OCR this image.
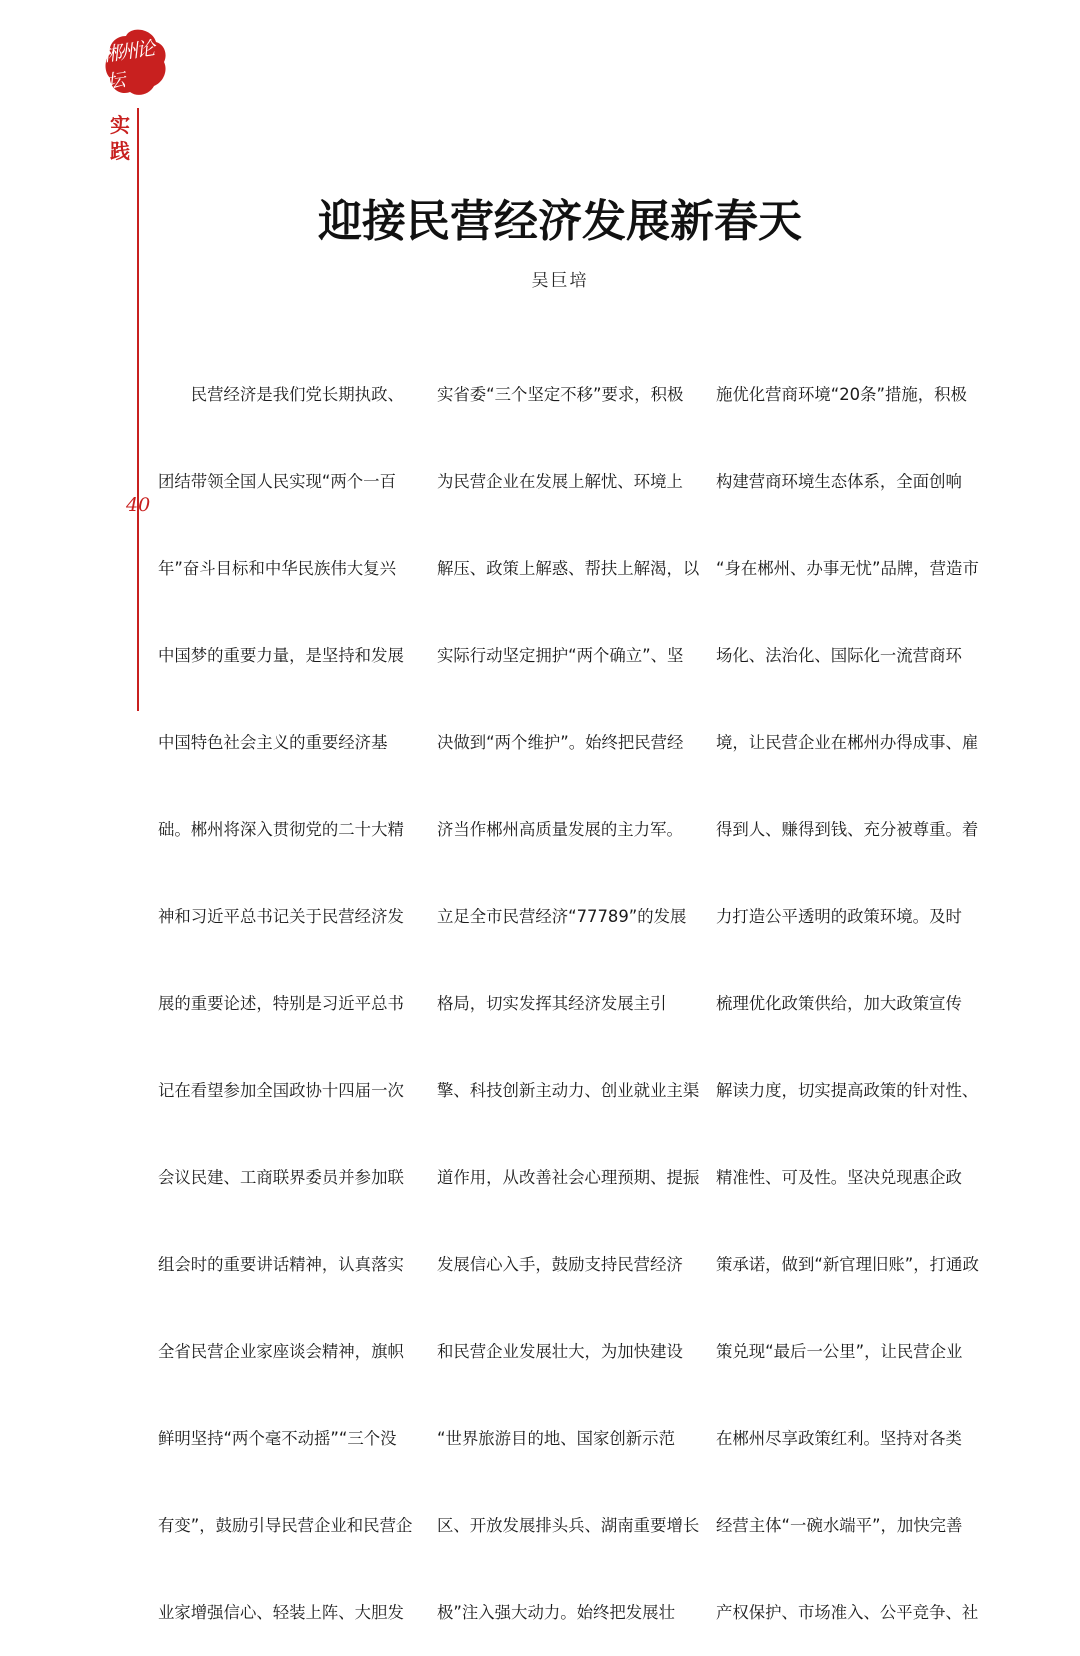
郴州论坛
实践
40
迎接民营经济发展新春天
吴巨培

　　民营经济是我们党长期执政、

团结带领全国人民实现“两个一百

年”奋斗目标和中华民族伟大复兴

中国梦的重要力量，是坚持和发展

中国特色社会主义的重要经济基

础。郴州将深入贯彻党的二十大精

神和习近平总书记关于民营经济发

展的重要论述，特别是习近平总书

记在看望参加全国政协十四届一次

会议民建、工商联界委员并参加联

组会时的重要讲话精神，认真落实

全省民营企业家座谈会精神，旗帜

鲜明坚持“两个毫不动摇”“三个没

有变”，鼓励引导民营企业和民营企

业家增强信心、轻装上阵、大胆发

实省委“三个坚定不移”要求，积极

为民营企业在发展上解忧、环境上

解压、政策上解惑、帮扶上解渴，以

实际行动坚定拥护“两个确立”、坚

决做到“两个维护”。始终把民营经

济当作郴州高质量发展的主力军。

立足全市民营经济“77789”的发展

格局，切实发挥其经济发展主引

擎、科技创新主动力、创业就业主渠

道作用，从改善社会心理预期、提振

发展信心入手，鼓励支持民营经济

和民营企业发展壮大，为加快建设

“世界旅游目的地、国家创新示范

区、开放发展排头兵、湖南重要增长

极”注入强大动力。始终把发展壮

施优化营商环境“20条”措施，积极

构建营商环境生态体系，全面创响

“身在郴州、办事无忧”品牌，营造市

场化、法治化、国际化一流营商环

境，让民营企业在郴州办得成事、雇

得到人、赚得到钱、充分被尊重。着

力打造公平透明的政策环境。及时

梳理优化政策供给，加大政策宣传

解读力度，切实提高政策的针对性、

精准性、可及性。坚决兑现惠企政

策承诺，做到“新官理旧账”，打通政

策兑现“最后一公里”，让民营企业

在郴州尽享政策红利。坚持对各类

经营主体“一碗水端平”，加快完善

产权保护、市场准入、公平竞争、社
